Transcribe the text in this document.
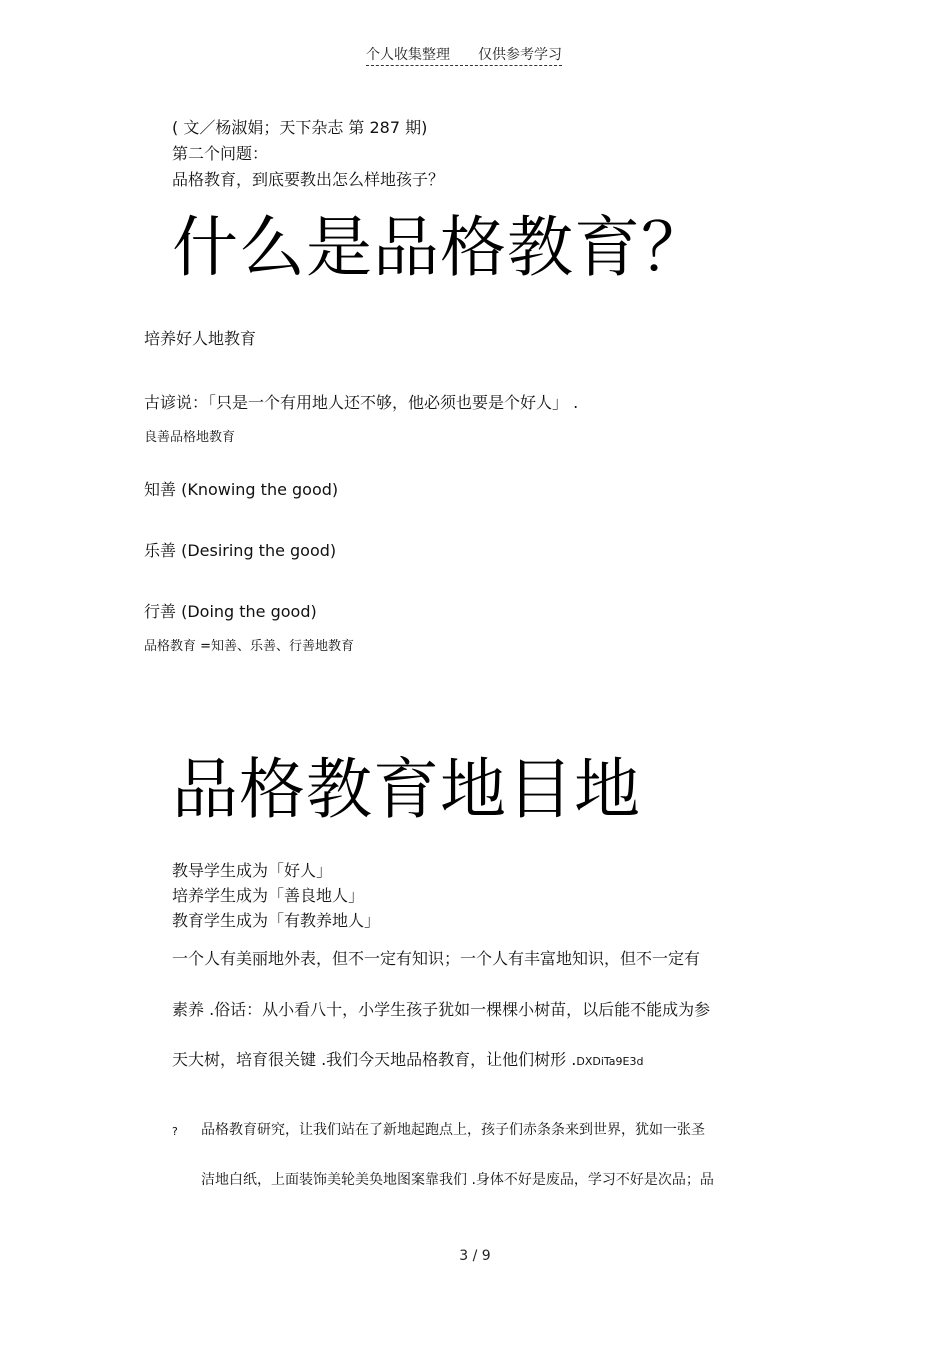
个人收集整理 仅供参考学习
( 文／杨淑娟；天下杂志 第 287 期)
第二个问题：
品格教育，到底要教出怎么样地孩子？
什么是品格教育？
培养好人地教育
古谚说：「只是一个有用地人还不够，他必须也要是个好人」 .
良善品格地教育
知善 (Knowing the good)
乐善 (Desiring the good)
行善 (Doing the good)
品格教育 =知善、乐善、行善地教育
品格教育地目地
教导学生成为「好人」
培养学生成为「善良地人」
教育学生成为「有教养地人」
一个人有美丽地外表，但不一定有知识；一个人有丰富地知识，但不一定有
素养 .俗话：从小看八十，小学生孩子犹如一棵棵小树苗，以后能不能成为参
天大树，培育很关键 .我们今天地品格教育，让他们树形 .DXDiTa9E3d
? 品格教育研究，让我们站在了新地起跑点上，孩子们赤条条来到世界，犹如一张圣
洁地白纸，上面装饰美轮美奂地图案靠我们 .身体不好是废品，学习不好是次品；品
3 / 9
